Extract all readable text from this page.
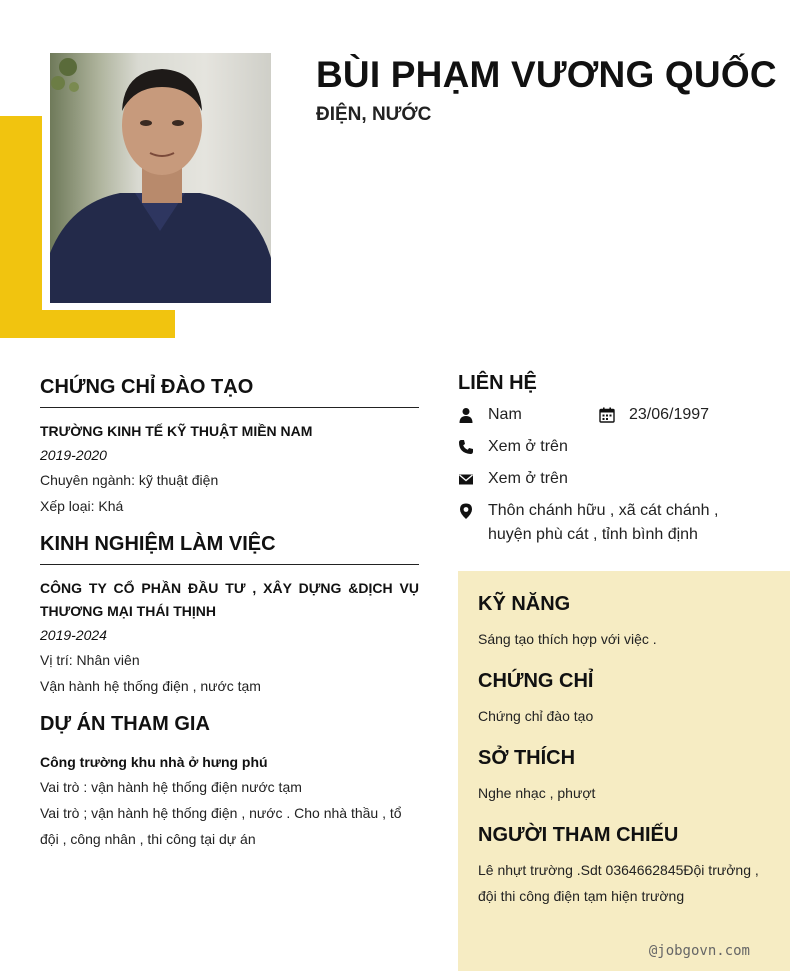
BÙI PHẠM VƯƠNG QUỐC
ĐIỆN, NƯỚC
CHỨNG CHỈ ĐÀO TẠO
TRƯỜNG KINH TẾ KỸ THUẬT MIỀN NAM
2019-2020
Chuyên ngành: kỹ thuật điện
Xếp loại: Khá
KINH NGHIỆM LÀM VIỆC
CÔNG TY CỔ PHẦN ĐẦU TƯ , XÂY DỰNG &DỊCH VỤ THƯƠNG MẠI THÁI THỊNH
2019-2024
Vị trí: Nhân viên
Vận hành hệ thống điện , nước tạm
DỰ ÁN THAM GIA
Công trường khu nhà ở hưng phú
Vai trò : vận hành hệ thống điện nước tạm
Vai trò ; vận hành hệ thống điện , nước . Cho nhà thầu , tổ đội , công nhân , thi công tại dự án
LIÊN HỆ
Nam	23/06/1997
Xem ở trên
Xem ở trên
Thôn chánh hữu , xã cát chánh , huyện phù cát , tỉnh bình định
KỸ NĂNG
Sáng tạo thích hợp với việc .
CHỨNG CHỈ
Chứng chỉ đào tạo
SỞ THÍCH
Nghe nhạc , phượt
NGƯỜI THAM CHIẾU
Lê nhựt trường .Sdt 0364662845Đội trưởng , đội thi công điện tạm hiện trường
@jobgovn.com
